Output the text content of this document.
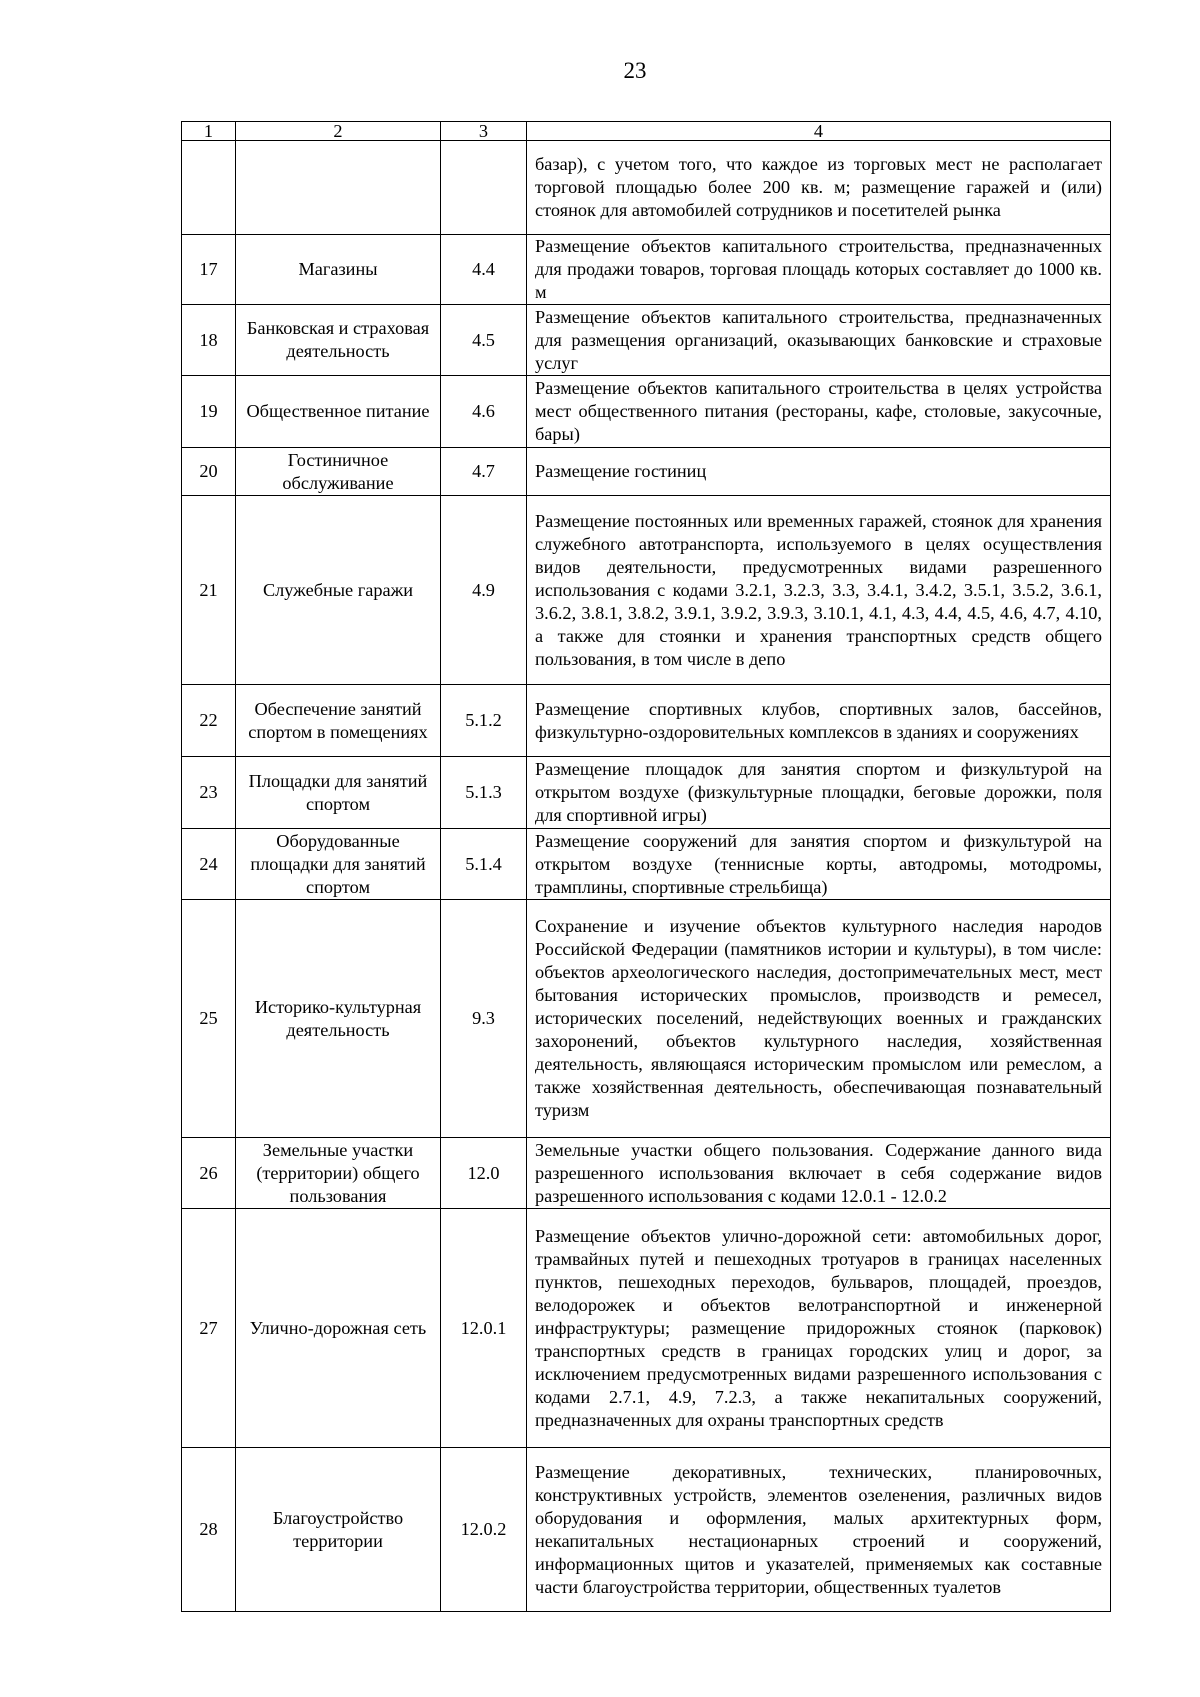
23
1	2	3	4
			базар), с учетом того, что каждое из торговых мест не располагает торговой площадью более 200 кв. м; размещение гаражей и (или) стоянок для автомобилей сотрудников и посетителей рынка
17	Магазины	4.4	Размещение объектов капитального строительства, предназначенных для продажи товаров, торговая площадь которых составляет до 1000 кв. м
18	Банковская и страховая деятельность	4.5	Размещение объектов капитального строительства, предназначенных для размещения организаций, оказывающих банковские и страховые услуг
19	Общественное питание	4.6	Размещение объектов капитального строительства в целях устройства мест общественного питания (рестораны, кафе, столовые, закусочные, бары)
20	Гостиничное обслуживание	4.7	Размещение гостиниц
21	Служебные гаражи	4.9	Размещение постоянных или временных гаражей, стоянок для хранения служебного автотранспорта, используемого в целях осуществления видов деятельности, предусмотренных видами разрешенного использования с кодами 3.2.1, 3.2.3, 3.3, 3.4.1, 3.4.2, 3.5.1, 3.5.2, 3.6.1, 3.6.2, 3.8.1, 3.8.2, 3.9.1, 3.9.2, 3.9.3, 3.10.1, 4.1, 4.3, 4.4, 4.5, 4.6, 4.7, 4.10, а также для стоянки и хранения транспортных средств общего пользования, в том числе в депо
22	Обеспечение занятий спортом в помещениях	5.1.2	Размещение спортивных клубов, спортивных залов, бассейнов, физкультурно-оздоровительных комплексов в зданиях и сооружениях
23	Площадки для занятий спортом	5.1.3	Размещение площадок для занятия спортом и физкультурой на открытом воздухе (физкультурные площадки, беговые дорожки, поля для спортивной игры)
24	Оборудованные площадки для занятий спортом	5.1.4	Размещение сооружений для занятия спортом и физкультурой на открытом воздухе (теннисные корты, автодромы, мотодромы, трамплины, спортивные стрельбища)
25	Историко-культурная деятельность	9.3	Сохранение и изучение объектов культурного наследия народов Российской Федерации (памятников истории и культуры), в том числе: объектов археологического наследия, достопримечательных мест, мест бытования исторических промыслов, производств и ремесел, исторических поселений, недействующих военных и гражданских захоронений, объектов культурного наследия, хозяйственная деятельность, являющаяся историческим промыслом или ремеслом, а также хозяйственная деятельность, обеспечивающая познавательный туризм
26	Земельные участки (территории) общего пользования	12.0	Земельные участки общего пользования. Содержание данного вида разрешенного использования включает в себя содержание видов разрешенного использования с кодами 12.0.1 - 12.0.2
27	Улично-дорожная сеть	12.0.1	Размещение объектов улично-дорожной сети: автомобильных дорог, трамвайных путей и пешеходных тротуаров в границах населенных пунктов, пешеходных переходов, бульваров, площадей, проездов, велодорожек и объектов велотранспортной и инженерной инфраструктуры; размещение придорожных стоянок (парковок) транспортных средств в границах городских улиц и дорог, за исключением предусмотренных видами разрешенного использования с кодами 2.7.1, 4.9, 7.2.3, а также некапитальных сооружений, предназначенных для охраны транспортных средств
28	Благоустройство территории	12.0.2	Размещение декоративных, технических, планировочных, конструктивных устройств, элементов озеленения, различных видов оборудования и оформления, малых архитектурных форм, некапитальных нестационарных строений и сооружений, информационных щитов и указателей, применяемых как составные части благоустройства территории, общественных туалетов
